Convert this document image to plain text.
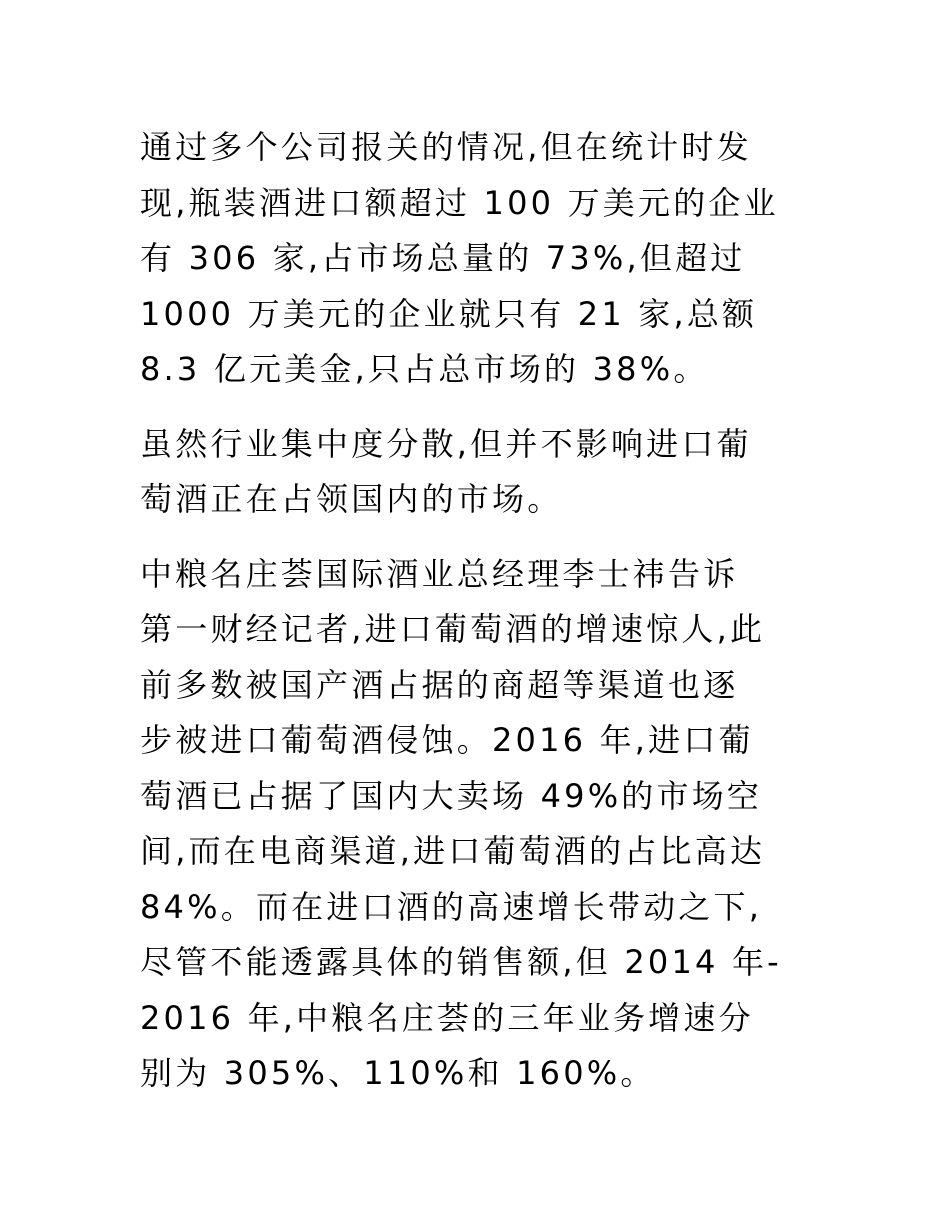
通过多个公司报关的情况,但在统计时发
现,瓶装酒进口额超过 100 万美元的企业
有 306 家,占市场总量的 73%,但超过
1000 万美元的企业就只有 21 家,总额
8.3 亿元美金,只占总市场的 38%。
虽然行业集中度分散,但并不影响进口葡
萄酒正在占领国内的市场。
中粮名庄荟国际酒业总经理李士祎告诉
第一财经记者,进口葡萄酒的增速惊人,此
前多数被国产酒占据的商超等渠道也逐
步被进口葡萄酒侵蚀。2016 年,进口葡
萄酒已占据了国内大卖场 49%的市场空
间,而在电商渠道,进口葡萄酒的占比高达
84%。而在进口酒的高速增长带动之下,
尽管不能透露具体的销售额,但 2014 年-
2016 年,中粮名庄荟的三年业务增速分
别为 305%、110%和 160%。
